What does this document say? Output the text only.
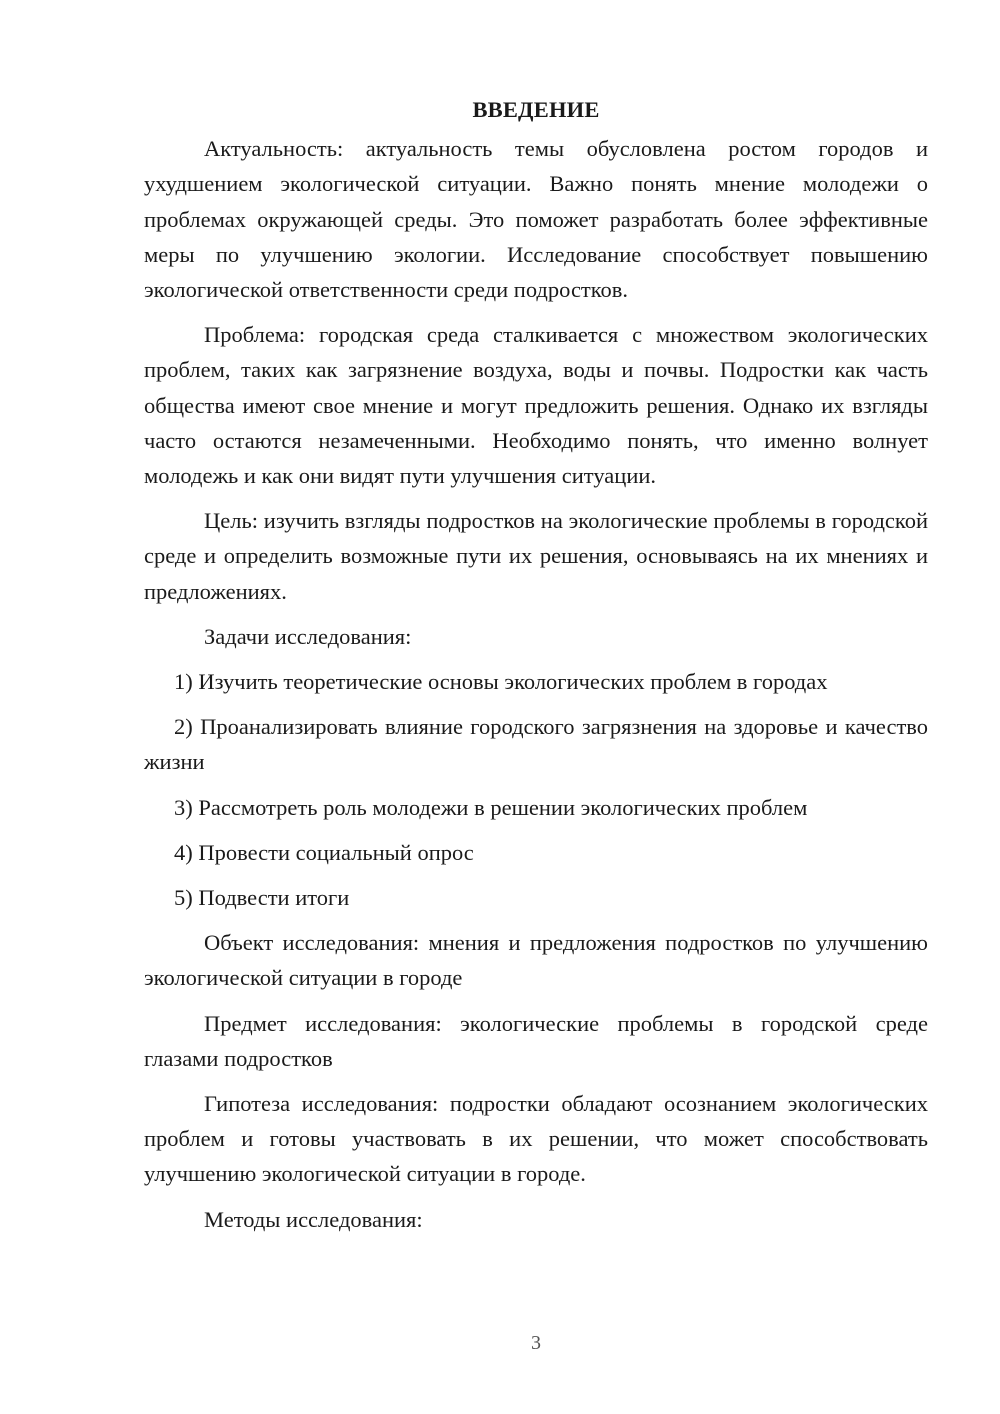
ВВЕДЕНИЕ

Актуальность: актуальность темы обусловлена ростом городов и ухудшением экологической ситуации. Важно понять мнение молодежи о проблемах окружающей среды. Это поможет разработать более эффективные меры по улучшению экологии. Исследование способствует повышению экологической ответственности среди подростков.

Проблема: городская среда сталкивается с множеством экологических проблем, таких как загрязнение воздуха, воды и почвы. Подростки как часть общества имеют свое мнение и могут предложить решения. Однако их взгляды часто остаются незамеченными. Необходимо понять, что именно волнует молодежь и как они видят пути улучшения ситуации.

Цель: изучить взгляды подростков на экологические проблемы в городской среде и определить возможные пути их решения, основываясь на их мнениях и предложениях.

Задачи исследования:

1) Изучить теоретические основы экологических проблем в городах

2) Проанализировать влияние городского загрязнения на здоровье и качество жизни

3) Рассмотреть роль молодежи в решении экологических проблем

4) Провести социальный опрос

5) Подвести итоги

Объект исследования: мнения и предложения подростков по улучшению экологической ситуации в городе

Предмет исследования: экологические проблемы в городской среде глазами подростков

Гипотеза исследования: подростки обладают осознанием экологических проблем и готовы участвовать в их решении, что может способствовать улучшению экологической ситуации в городе.

Методы исследования:

3
